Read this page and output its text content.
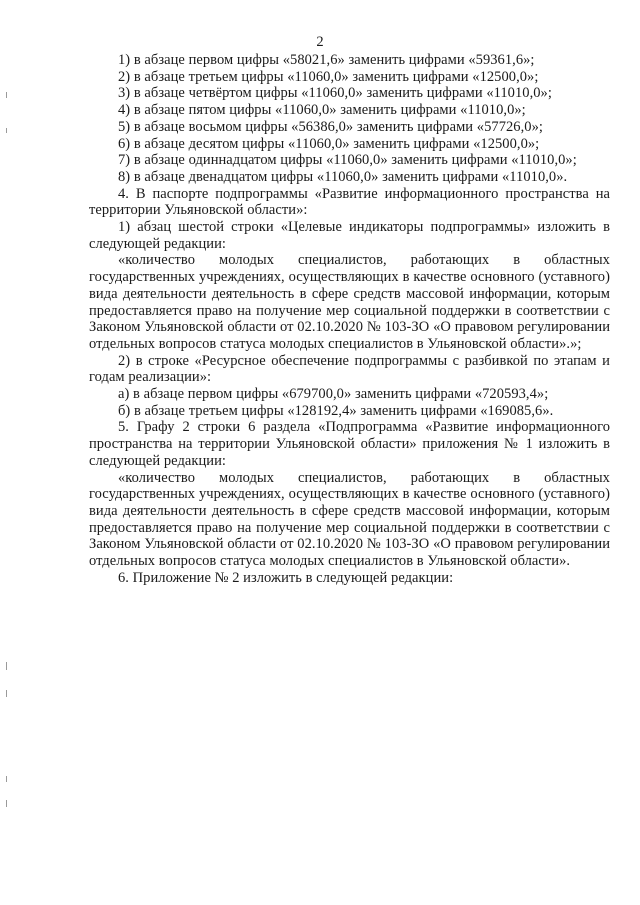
2

1) в абзаце первом цифры «58021,6» заменить цифрами «59361,6»;

2) в абзаце третьем цифры «11060,0» заменить цифрами «12500,0»;

3) в абзаце четвёртом цифры «11060,0» заменить цифрами «11010,0»;

4) в абзаце пятом цифры «11060,0» заменить цифрами «11010,0»;

5) в абзаце восьмом цифры «56386,0» заменить цифрами «57726,0»;

6) в абзаце десятом цифры «11060,0» заменить цифрами «12500,0»;

7) в абзаце одиннадцатом цифры «11060,0» заменить цифрами «11010,0»;

8) в абзаце двенадцатом цифры «11060,0» заменить цифрами «11010,0».

4. В паспорте подпрограммы «Развитие информационного пространства на территории Ульяновской области»:

1) абзац шестой строки «Целевые индикаторы подпрограммы» изложить в следующей редакции:

«количество молодых специалистов, работающих в областных государственных учреждениях, осуществляющих в качестве основного (уставного) вида деятельности деятельность в сфере средств массовой информации, которым предоставляется право на получение мер социальной поддержки в соответствии с Законом Ульяновской области от 02.10.2020 № 103-ЗО «О правовом регулировании отдельных вопросов статуса молодых специалистов в Ульяновской области».»;

2) в строке «Ресурсное обеспечение подпрограммы с разбивкой по этапам и годам реализации»:

а) в абзаце первом цифры «679700,0» заменить цифрами «720593,4»;

б) в абзаце третьем цифры «128192,4» заменить цифрами «169085,6».

5. Графу 2 строки 6 раздела «Подпрограмма «Развитие информационного пространства на территории Ульяновской области» приложения № 1 изложить в следующей редакции:

«количество молодых специалистов, работающих в областных государственных учреждениях, осуществляющих в качестве основного (уставного) вида деятельности деятельность в сфере средств массовой информации, которым предоставляется право на получение мер социальной поддержки в соответствии с Законом Ульяновской области от 02.10.2020 № 103-ЗО «О правовом регулировании отдельных вопросов статуса молодых специалистов в Ульяновской области».

6. Приложение № 2 изложить в следующей редакции:
